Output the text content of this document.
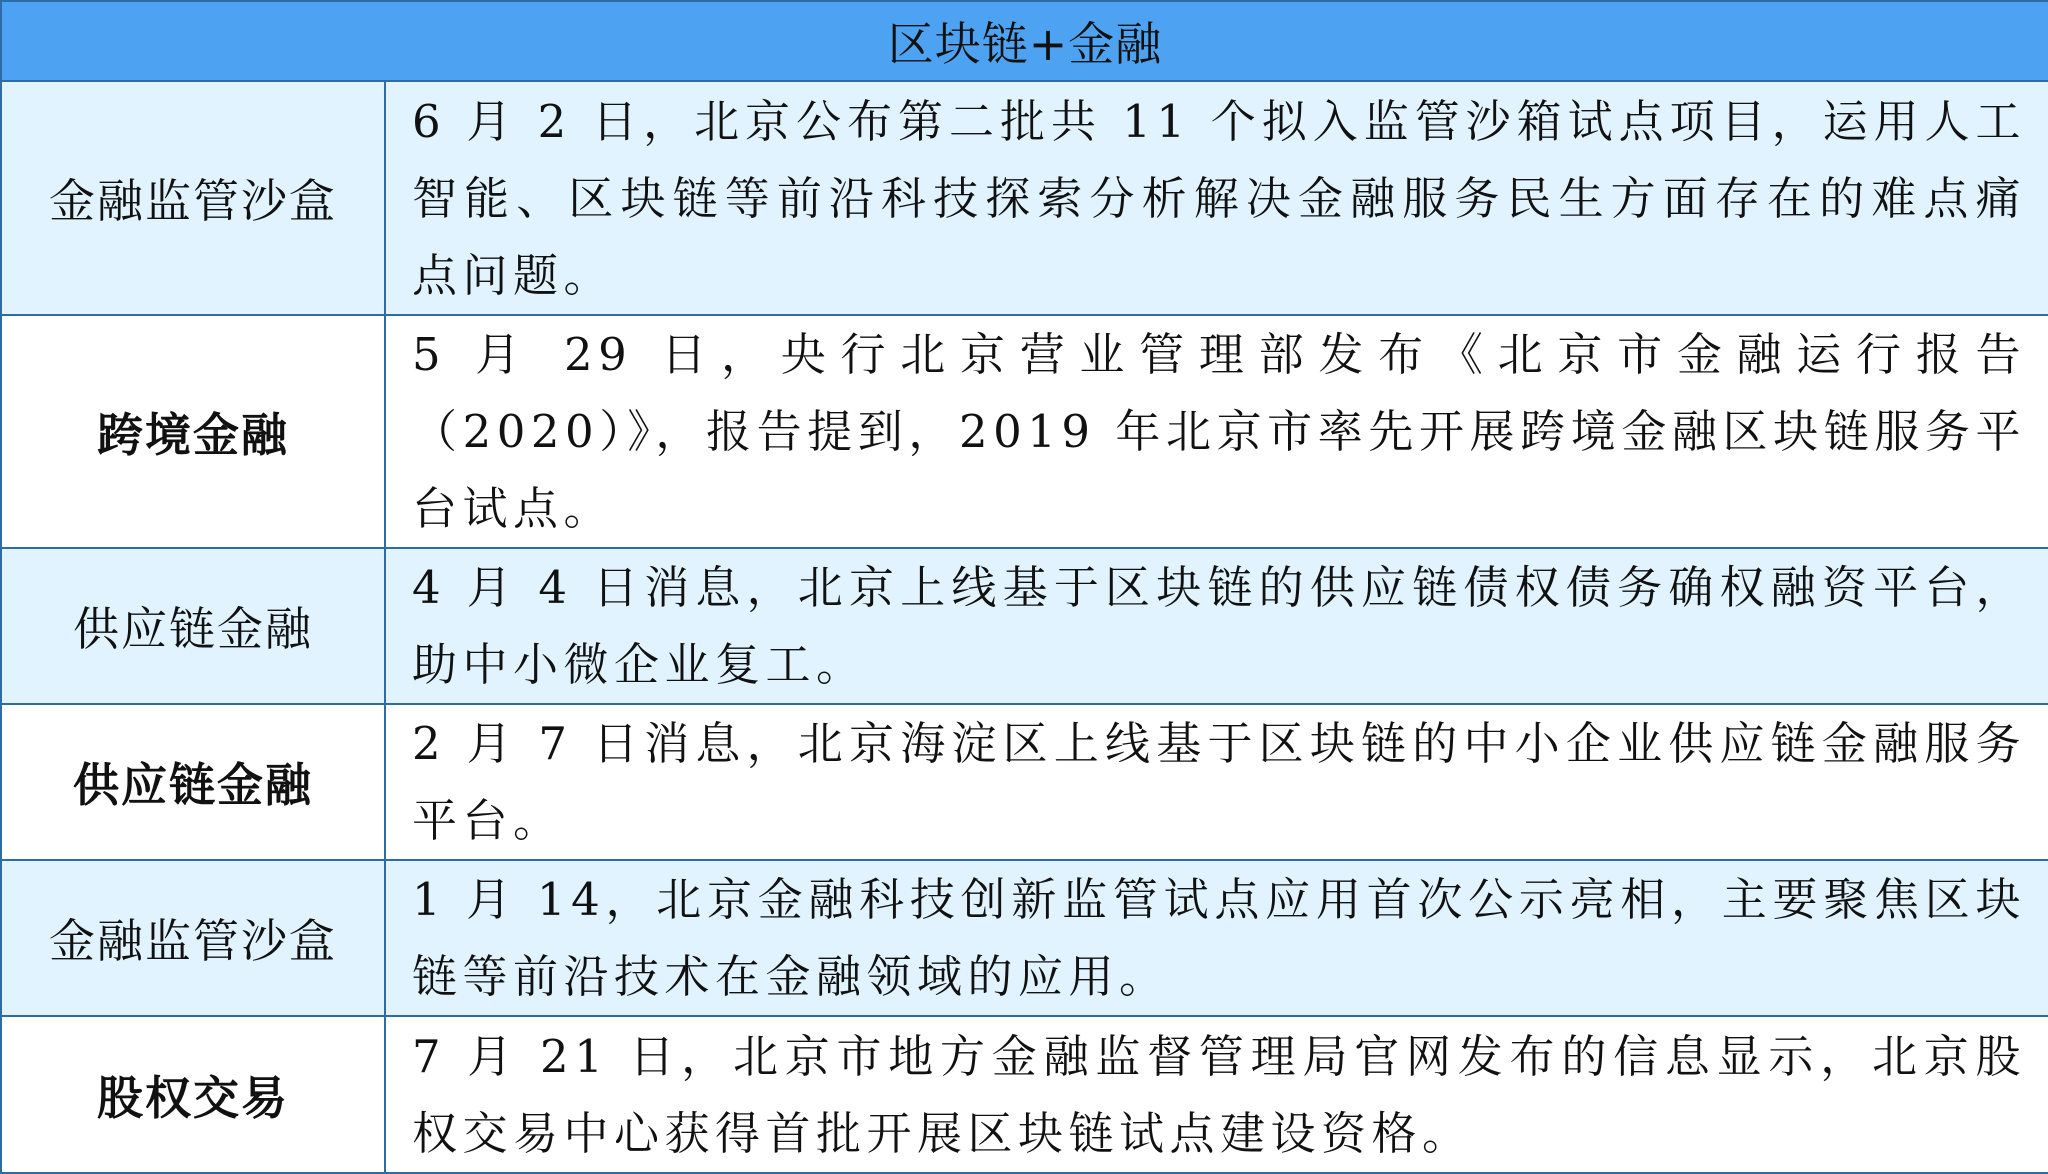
区块链+金融	
金融监管沙盒	6 月 2 日，北京公布第二批共 11 个拟入监管沙箱试点项目，运用人工智能、区块链等前沿科技探索分析解决金融服务民生方面存在的难点痛点问题。
跨境金融	5 月 29 日，央行北京营业管理部发布《北京市金融运行报告（2020）》，报告提到，2019 年北京市率先开展跨境金融区块链服务平台试点。
供应链金融	4 月 4 日消息，北京上线基于区块链的供应链债权债务确权融资平台，助中小微企业复工。
供应链金融	2 月 7 日消息，北京海淀区上线基于区块链的中小企业供应链金融服务平台。
金融监管沙盒	1 月 14，北京金融科技创新监管试点应用首次公示亮相，主要聚焦区块链等前沿技术在金融领域的应用。
股权交易	7 月 21 日，北京市地方金融监督管理局官网发布的信息显示，北京股权交易中心获得首批开展区块链试点建设资格。
